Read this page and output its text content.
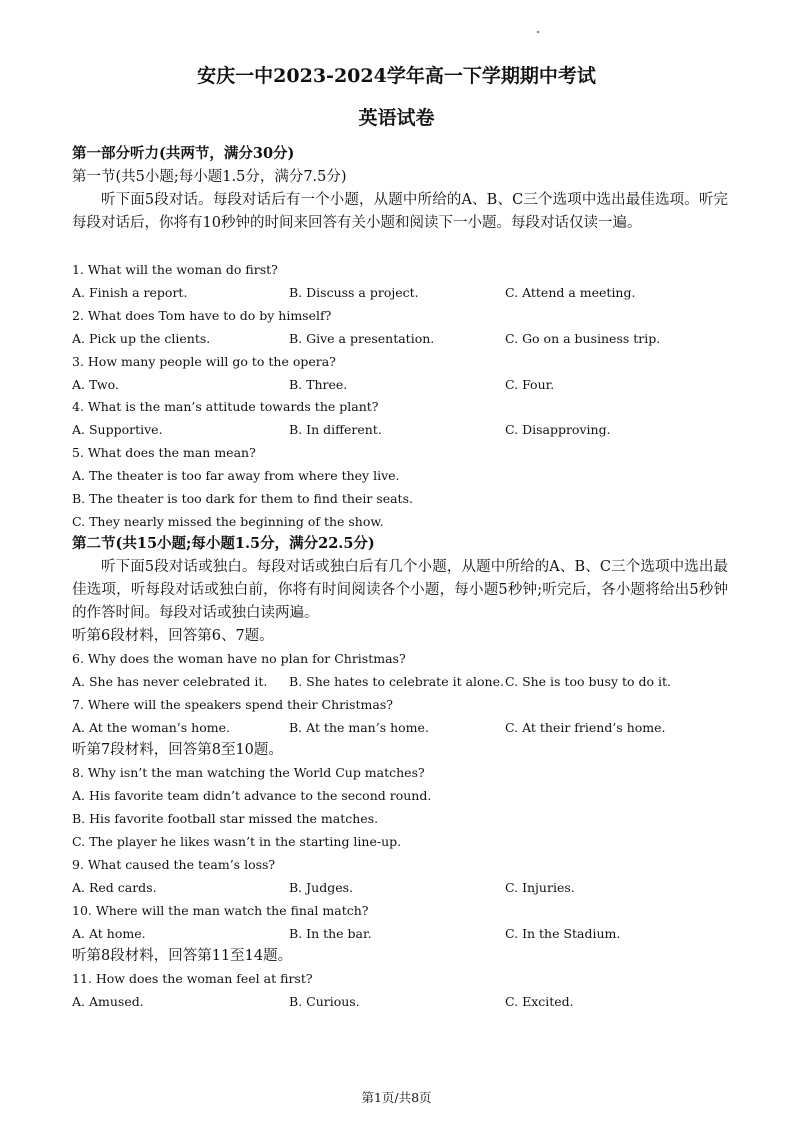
安庆一中2023-2024学年高一下学期期中考试
英语试卷
第一部分听力(共两节，满分30分)
第一节(共5小题;每小题1.5分，满分7.5分)
听下面5段对话。每段对话后有一个小题，从题中所给的A、B、C三个选项中选出最佳选项。听完每段对话后，你将有10秒钟的时间来回答有关小题和阅读下一小题。每段对话仅读一遍。
1. What will the woman do first?
A. Finish a report.	B. Discuss a project.	C. Attend a meeting.
2. What does Tom have to do by himself?
A. Pick up the clients.	B. Give a presentation.	C. Go on a business trip.
3. How many people will go to the opera?
A. Two.	B. Three.	C. Four.
4. What is the man’s attitude towards the plant?
A. Supportive.	B. In different.	C. Disapproving.
5. What does the man mean?
A. The theater is too far away from where they live.
B. The theater is too dark for them to find their seats.
C. They nearly missed the beginning of the show.
第二节(共15小题;每小题1.5分，满分22.5分)
听下面5段对话或独白。每段对话或独白后有几个小题，从题中所给的A、B、C三个选项中选出最佳选项，听每段对话或独白前，你将有时间阅读各个小题，每小题5秒钟;听完后，各小题将给出5秒钟的作答时间。每段对话或独白读两遍。
听第6段材料，回答第6、7题。
6. Why does the woman have no plan for Christmas?
A. She has never celebrated it. B. She hates to celebrate it alone. C. She is too busy to do it.
7. Where will the speakers spend their Christmas?
A. At the woman’s home.	B. At the man’s home.	C. At their friend’s home.
听第7段材料，回答第8至10题。
8. Why isn’t the man watching the World Cup matches?
A. His favorite team didn’t advance to the second round.
B. His favorite football star missed the matches.
C. The player he likes wasn’t in the starting line-up.
9. What caused the team’s loss?
A. Red cards.	B. Judges.	C. Injuries.
10. Where will the man watch the final match?
A. At home.	B. In the bar.	C. In the Stadium.
听第8段材料，回答第11至14题。
11. How does the woman feel at first?
A. Amused.	B. Curious.	C. Excited.
第1页/共8页
